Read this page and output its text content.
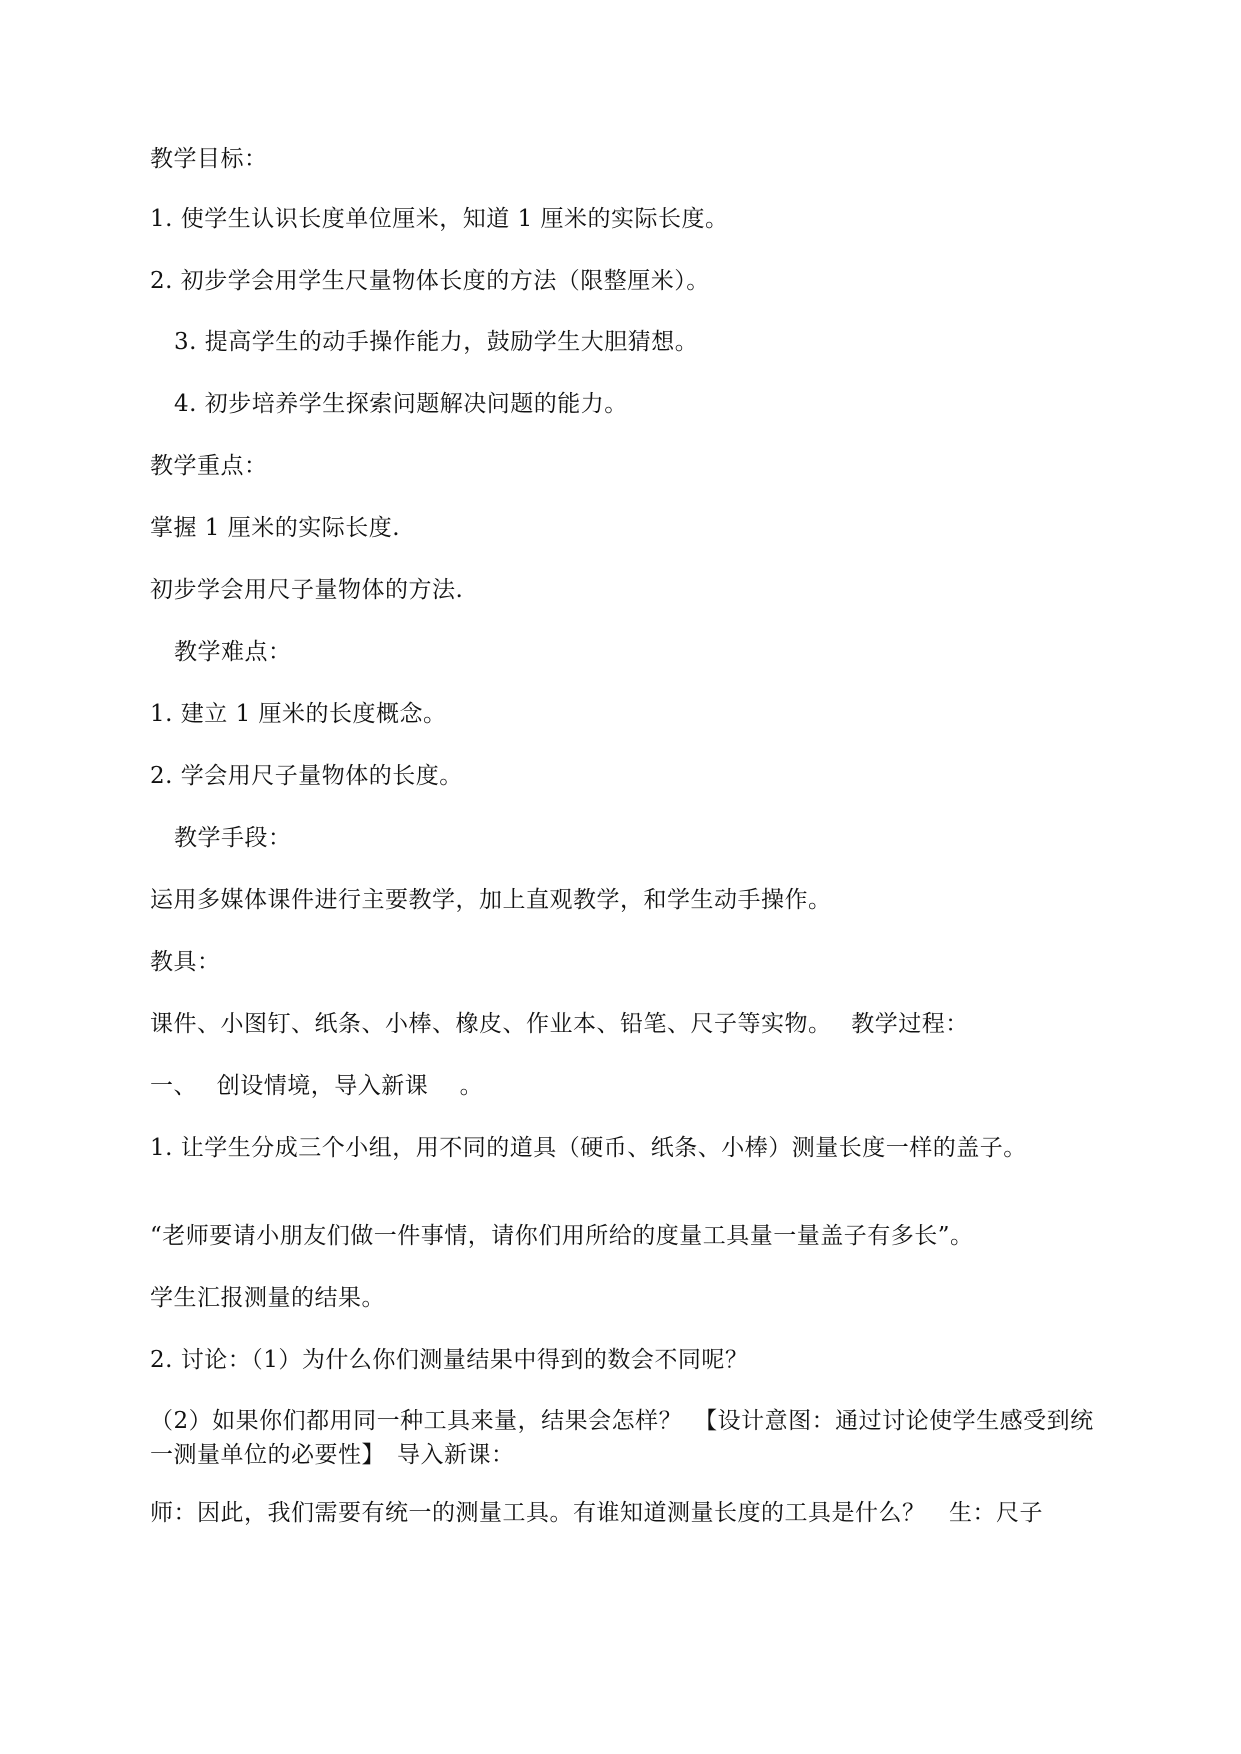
教学目标：
1. 使学生认识长度单位厘米，知道 1 厘米的实际长度。
2. 初步学会用学生尺量物体长度的方法（限整厘米）。
3. 提高学生的动手操作能力，鼓励学生大胆猜想。
4. 初步培养学生探索问题解决问题的能力。
教学重点：
掌握 1 厘米的实际长度.
初步学会用尺子量物体的方法.
教学难点：
1. 建立 1 厘米的长度概念。
2. 学会用尺子量物体的长度。
教学手段：
运用多媒体课件进行主要教学，加上直观教学，和学生动手操作。
教具：
课件、小图钉、纸条、小棒、橡皮、作业本、铅笔、尺子等实物。　 教学过程：
一、　 创设情境，导入新课　 。
1. 让学生分成三个小组，用不同的道具（硬币、纸条、小棒）测量长度一样的盖子。
“老师要请小朋友们做一件事情，请你们用所给的度量工具量一量盖子有多长”。
学生汇报测量的结果。
2. 讨论：（1）为什么你们测量结果中得到的数会不同呢？
（2）如果你们都用同一种工具来量，结果会怎样？　【设计意图：通过讨论使学生感受到统一测量单位的必要性】　导入新课：
师：因此，我们需要有统一的测量工具。有谁知道测量长度的工具是什么？　生：尺子
